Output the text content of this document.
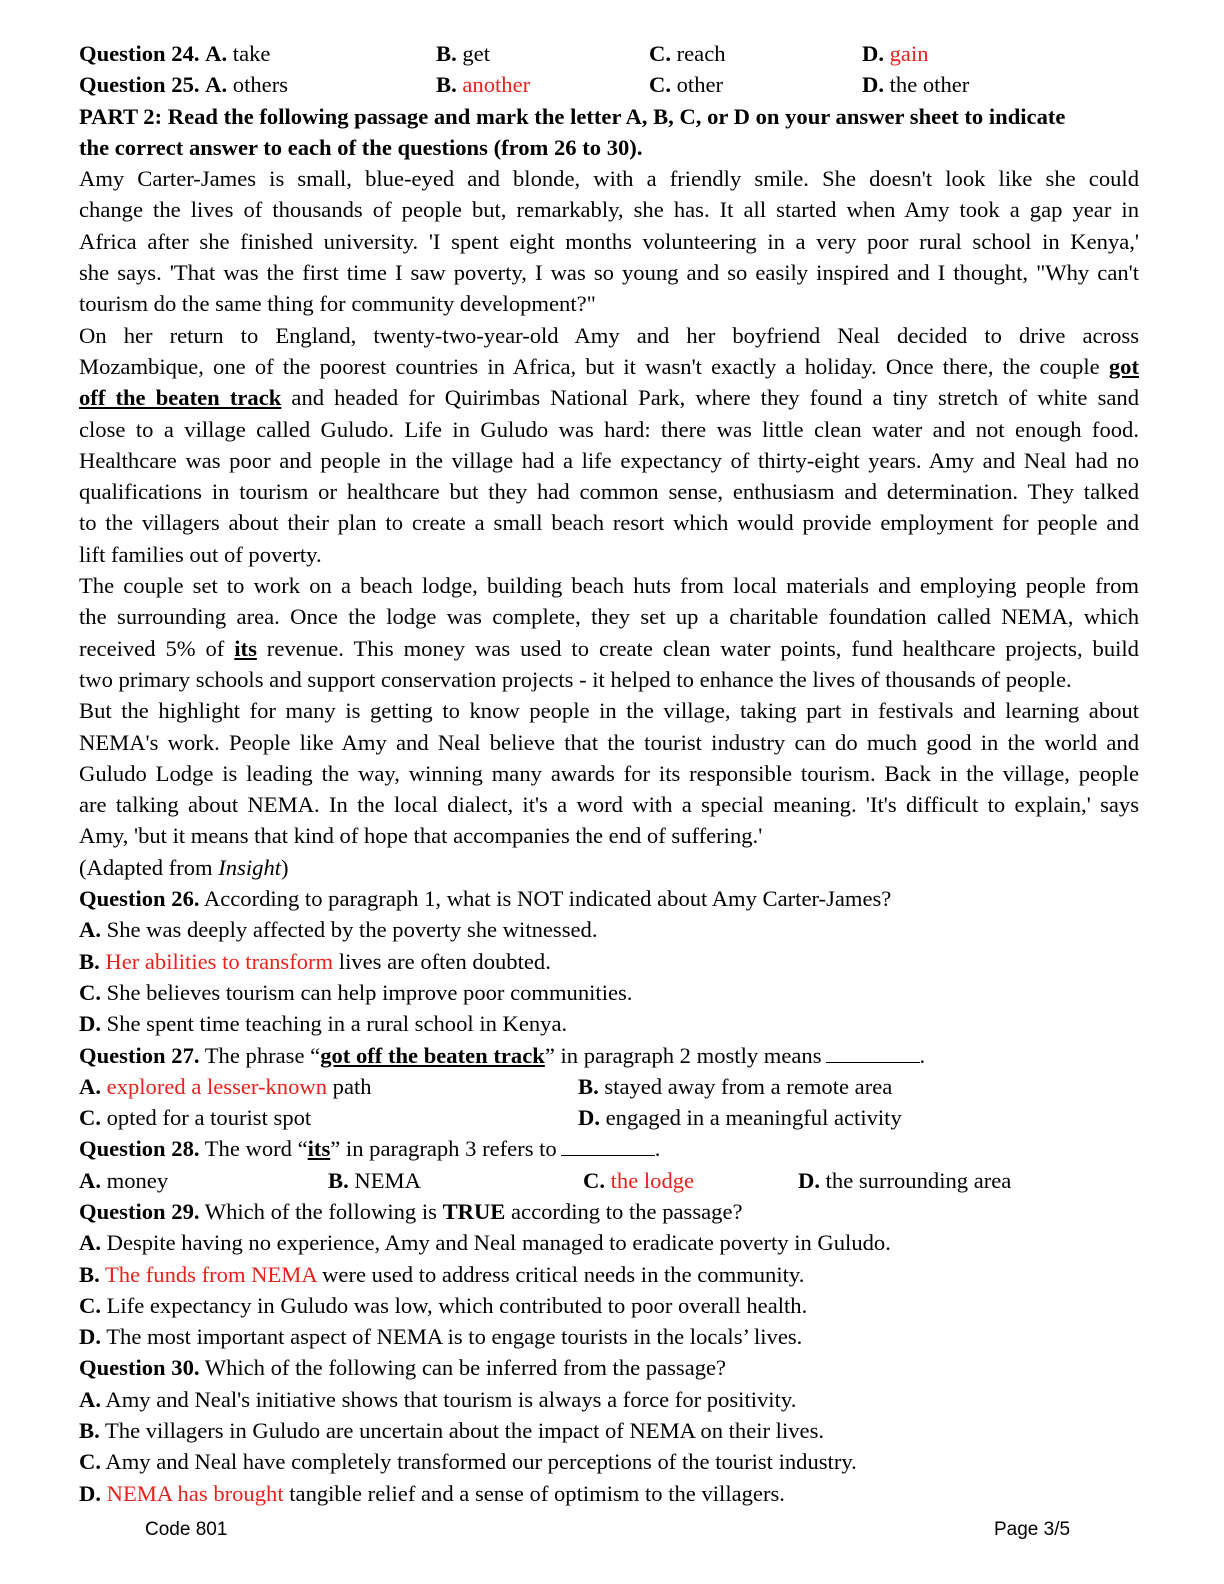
Question 24. A. take	B. get	C. reach	D. gain
Question 25. A. others	B. another	C. other	D. the other
PART 2: Read the following passage and mark the letter A, B, C, or D on your answer sheet to indicate
the correct answer to each of the questions (from 26 to 30).
Amy Carter-James is small, blue-eyed and blonde, with a friendly smile. She doesn't look like she could
change the lives of thousands of people but, remarkably, she has. It all started when Amy took a gap year in
Africa after she finished university. 'I spent eight months volunteering in a very poor rural school in Kenya,'
she says. 'That was the first time I saw poverty, I was so young and so easily inspired and I thought, "Why can't
tourism do the same thing for community development?"
On her return to England, twenty-two-year-old Amy and her boyfriend Neal decided to drive across
Mozambique, one of the poorest countries in Africa, but it wasn't exactly a holiday. Once there, the couple got
off the beaten track and headed for Quirimbas National Park, where they found a tiny stretch of white sand
close to a village called Guludo. Life in Guludo was hard: there was little clean water and not enough food.
Healthcare was poor and people in the village had a life expectancy of thirty-eight years. Amy and Neal had no
qualifications in tourism or healthcare but they had common sense, enthusiasm and determination. They talked
to the villagers about their plan to create a small beach resort which would provide employment for people and
lift families out of poverty.
The couple set to work on a beach lodge, building beach huts from local materials and employing people from
the surrounding area. Once the lodge was complete, they set up a charitable foundation called NEMA, which
received 5% of its revenue. This money was used to create clean water points, fund healthcare projects, build
two primary schools and support conservation projects - it helped to enhance the lives of thousands of people.
But the highlight for many is getting to know people in the village, taking part in festivals and learning about
NEMA's work. People like Amy and Neal believe that the tourist industry can do much good in the world and
Guludo Lodge is leading the way, winning many awards for its responsible tourism. Back in the village, people
are talking about NEMA. In the local dialect, it's a word with a special meaning. 'It's difficult to explain,' says
Amy, 'but it means that kind of hope that accompanies the end of suffering.'
(Adapted from Insight)
Question 26. According to paragraph 1, what is NOT indicated about Amy Carter-James?
A. She was deeply affected by the poverty she witnessed.
B. Her abilities to transform lives are often doubted.
C. She believes tourism can help improve poor communities.
D. She spent time teaching in a rural school in Kenya.
Question 27. The phrase “got off the beaten track” in paragraph 2 mostly means	.
A. explored a lesser-known path	B. stayed away from a remote area
C. opted for a tourist spot	D. engaged in a meaningful activity
Question 28. The word “its” in paragraph 3 refers to	.
A. money	B. NEMA	C. the lodge	D. the surrounding area
Question 29. Which of the following is TRUE according to the passage?
A. Despite having no experience, Amy and Neal managed to eradicate poverty in Guludo.
B. The funds from NEMA were used to address critical needs in the community.
C. Life expectancy in Guludo was low, which contributed to poor overall health.
D. The most important aspect of NEMA is to engage tourists in the locals’ lives.
Question 30. Which of the following can be inferred from the passage?
A. Amy and Neal's initiative shows that tourism is always a force for positivity.
B. The villagers in Guludo are uncertain about the impact of NEMA on their lives.
C. Amy and Neal have completely transformed our perceptions of the tourist industry.
D. NEMA has brought tangible relief and a sense of optimism to the villagers.
Code 801	Page 3/5
